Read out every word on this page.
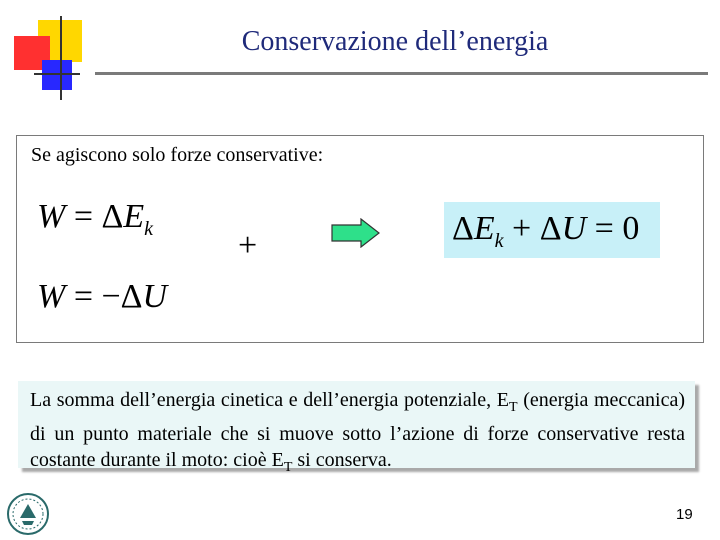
Conservazione dell’energia
Se agiscono solo forze conservative:
$W = \Delta E_k$ +
W = −ΔU
$\Delta E_k + \Delta U = 0$
La somma dell’energia cinetica e dell’energia potenziale, $E_T$ (energia meccanica) di un punto materiale che si muove sotto l’azione di forze conservative resta costante durante il moto: cioè $E_T$ si conserva.
19
